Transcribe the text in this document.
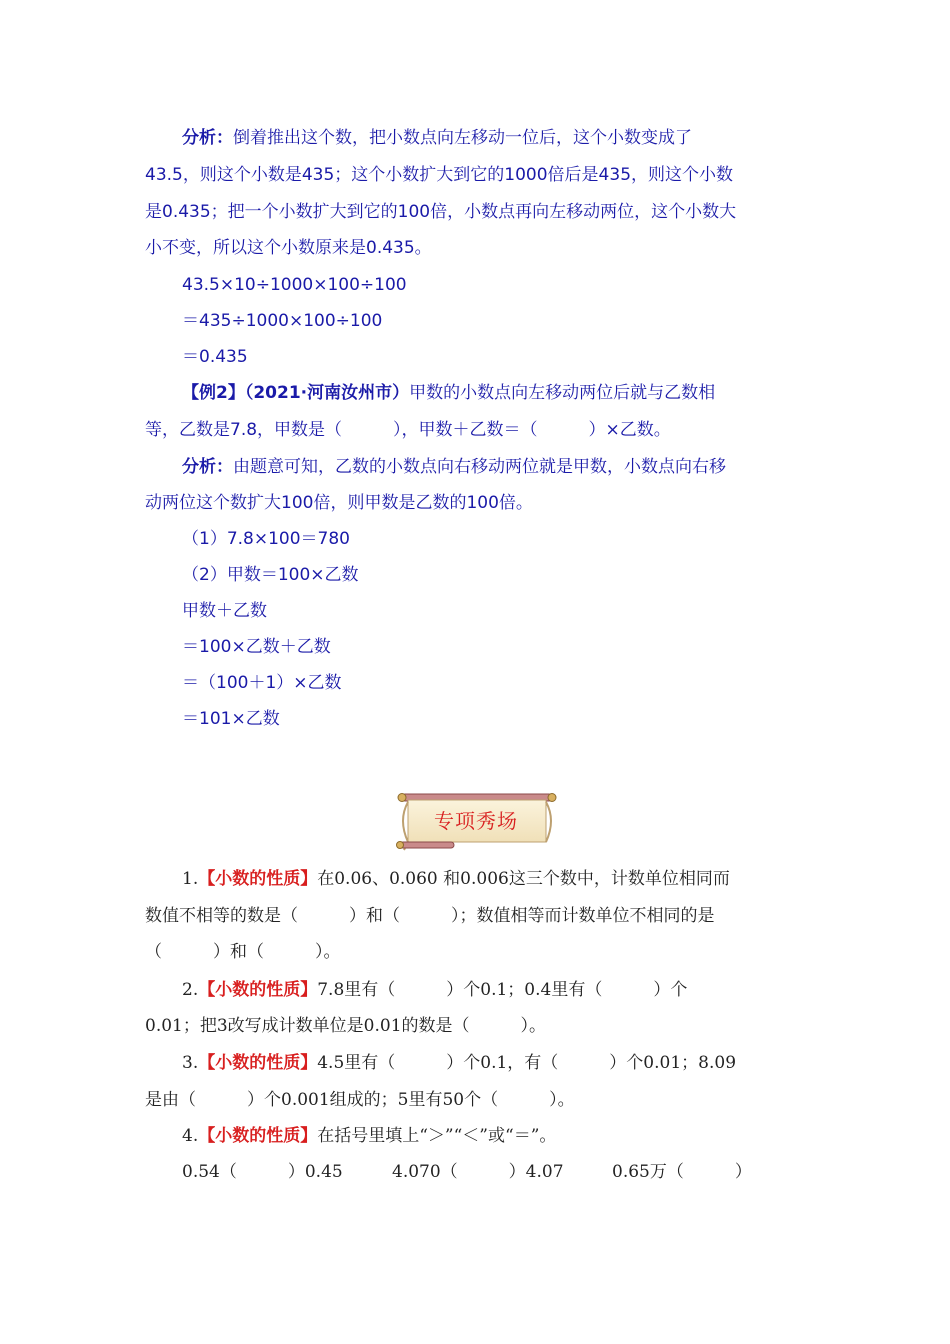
分析：倒着推出这个数，把小数点向左移动一位后，这个小数变成了
43.5，则这个小数是435；这个小数扩大到它的1000倍后是435，则这个小数
是0.435；把一个小数扩大到它的100倍，小数点再向左移动两位，这个小数大
小不变，所以这个小数原来是0.435。
43.5×10÷1000×100÷100
＝435÷1000×100÷100
＝0.435
【例2】（2021·河南汝州市）甲数的小数点向左移动两位后就与乙数相
等，乙数是7.8，甲数是（　　　），甲数＋乙数＝（　　　）×乙数。
分析：由题意可知，乙数的小数点向右移动两位就是甲数，小数点向右移
动两位这个数扩大100倍，则甲数是乙数的100倍。
（1）7.8×100＝780
（2）甲数＝100×乙数
甲数＋乙数
＝100×乙数＋乙数
＝（100＋1）×乙数
＝101×乙数
专项秀场
1.【小数的性质】在0.06、0.060 和0.006这三个数中，计数单位相同而
数值不相等的数是（　　　）和（　　　）；数值相等而计数单位不相同的是
（　　　）和（　　　）。
2.【小数的性质】7.8里有（　　　）个0.1；0.4里有（　　　）个
0.01；把3改写成计数单位是0.01的数是（　　　）。
3.【小数的性质】4.5里有（　　　）个0.1，有（　　　）个0.01；8.09
是由（　　　）个0.001组成的；5里有50个（　　　）。
4.【小数的性质】在括号里填上“＞”“＜”或“＝”。
0.54（　　　）0.45	4.070（　　　）4.07	0.65万（　　　）
